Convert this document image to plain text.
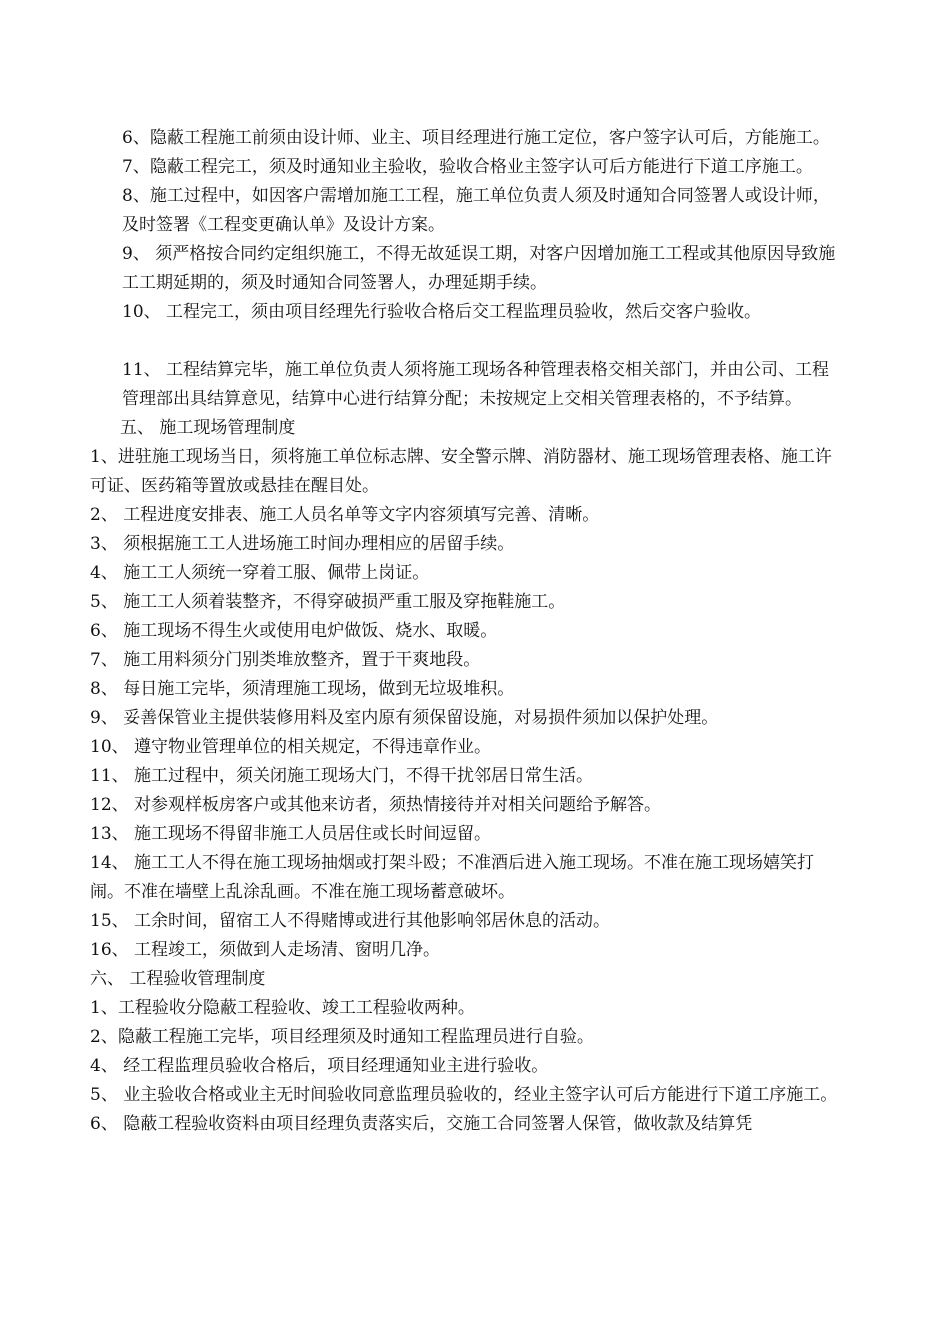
6、隐蔽工程施工前须由设计师、业主、项目经理进行施工定位，客户签字认可后，方能施工。

7、隐蔽工程完工，须及时通知业主验收，验收合格业主签字认可后方能进行下道工序施工。

8、施工过程中，如因客户需增加施工工程，施工单位负责人须及时通知合同签署人或设计师，及时签署《工程变更确认单》及设计方案。

9、 须严格按合同约定组织施工，不得无故延误工期，对客户因增加施工工程或其他原因导致施工工期延期的，须及时通知合同签署人，办理延期手续。

10、 工程完工，须由项目经理先行验收合格后交工程监理员验收，然后交客户验收。

11、 工程结算完毕，施工单位负责人须将施工现场各种管理表格交相关部门，并由公司、工程管理部出具结算意见，结算中心进行结算分配；未按规定上交相关管理表格的，不予结算。

五、 施工现场管理制度

1、进驻施工现场当日，须将施工单位标志牌、安全警示牌、消防器材、施工现场管理表格、施工许可证、医药箱等置放或悬挂在醒目处。

2、 工程进度安排表、施工人员名单等文字内容须填写完善、清晰。

3、 须根据施工工人进场施工时间办理相应的居留手续。

4、 施工工人须统一穿着工服、佩带上岗证。

5、 施工工人须着装整齐，不得穿破损严重工服及穿拖鞋施工。

6、 施工现场不得生火或使用电炉做饭、烧水、取暖。

7、 施工用料须分门别类堆放整齐，置于干爽地段。

8、 每日施工完毕，须清理施工现场，做到无垃圾堆积。

9、 妥善保管业主提供装修用料及室内原有须保留设施，对易损件须加以保护处理。

10、 遵守物业管理单位的相关规定，不得违章作业。

11、 施工过程中，须关闭施工现场大门，不得干扰邻居日常生活。

12、 对参观样板房客户或其他来访者，须热情接待并对相关问题给予解答。

13、 施工现场不得留非施工人员居住或长时间逗留。

14、 施工工人不得在施工现场抽烟或打架斗殴；不准酒后进入施工现场。不准在施工现场嬉笑打闹。不准在墙壁上乱涂乱画。不准在施工现场蓄意破坏。

15、 工余时间，留宿工人不得赌博或进行其他影响邻居休息的活动。

16、 工程竣工，须做到人走场清、窗明几净。

六、 工程验收管理制度

1、工程验收分隐蔽工程验收、竣工工程验收两种。

2、隐蔽工程施工完毕，项目经理须及时通知工程监理员进行自验。

4、 经工程监理员验收合格后，项目经理通知业主进行验收。

5、 业主验收合格或业主无时间验收同意监理员验收的，经业主签字认可后方能进行下道工序施工。

6、 隐蔽工程验收资料由项目经理负责落实后，交施工合同签署人保管，做收款及结算凭
